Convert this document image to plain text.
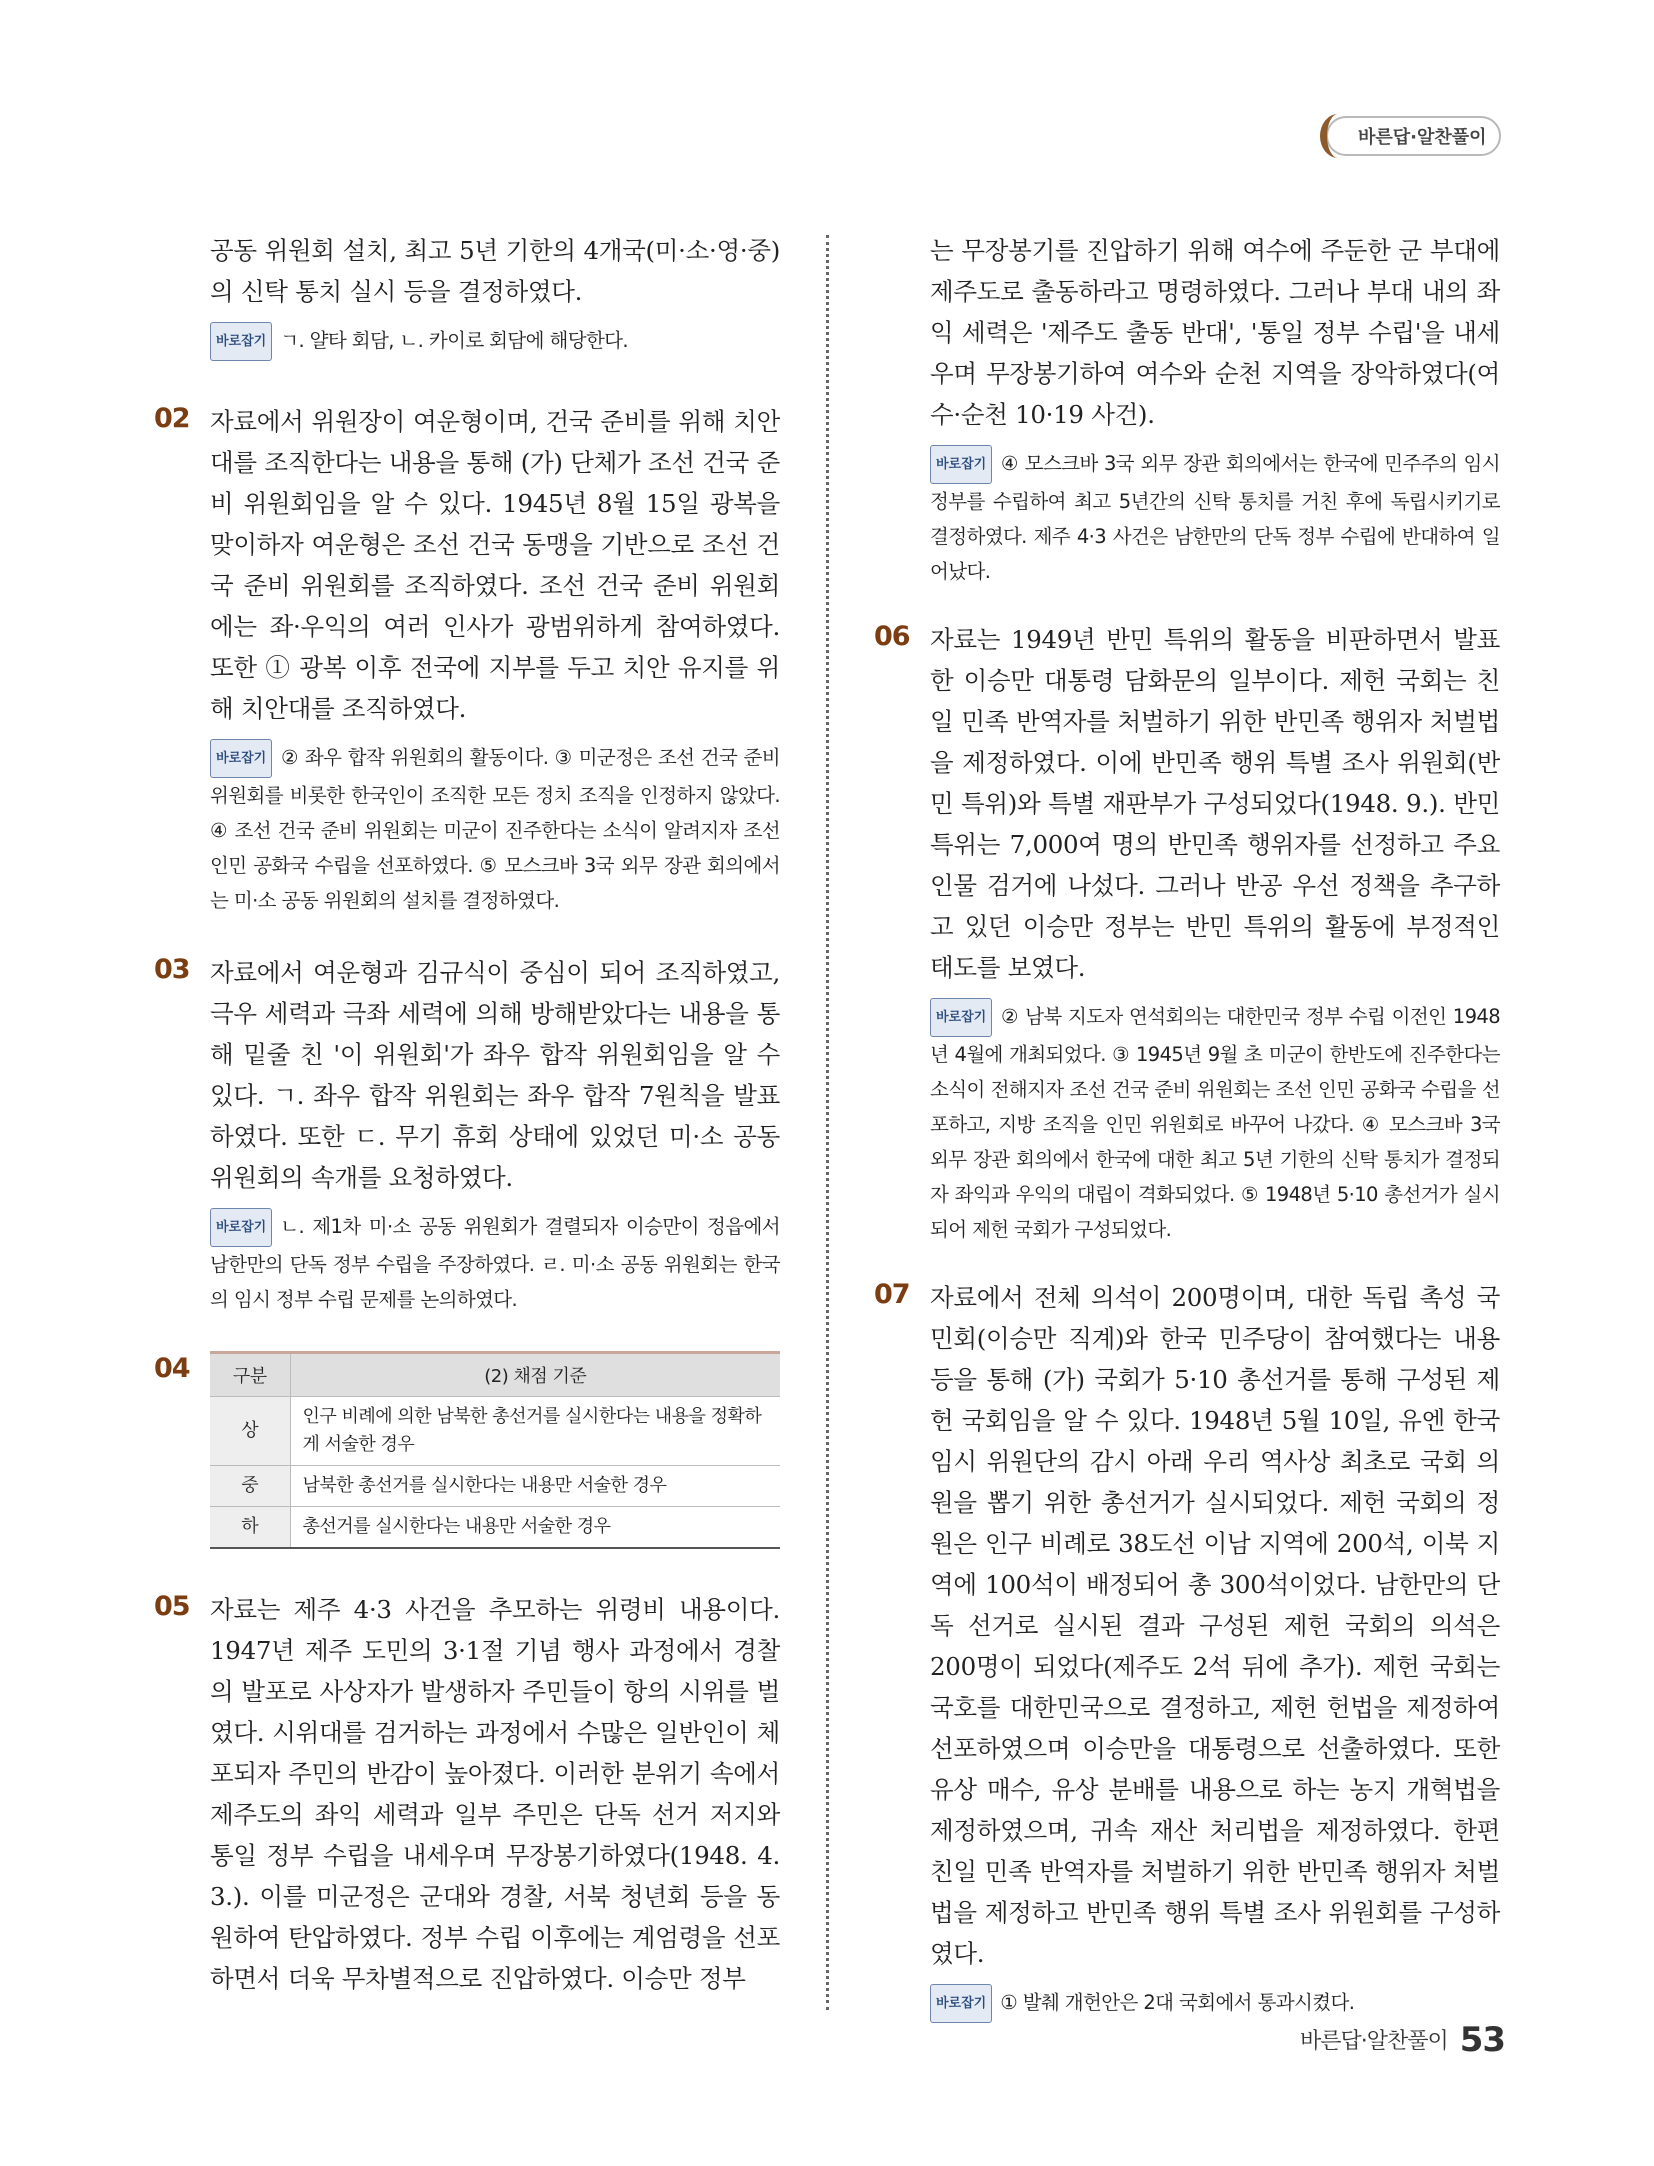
바른답·알찬풀이

공동 위원회 설치, 최고 5년 기한의 4개국(미·소·영·중)의 신탁 통치 실시 등을 결정하였다.

바로잡기 ㄱ. 얄타 회담, ㄴ. 카이로 회담에 해당한다.

02 자료에서 위원장이 여운형이며, 건국 준비를 위해 치안대를 조직한다는 내용을 통해 (가) 단체가 조선 건국 준비 위원회임을 알 수 있다. 1945년 8월 15일 광복을 맞이하자 여운형은 조선 건국 동맹을 기반으로 조선 건국 준비 위원회를 조직하였다. 조선 건국 준비 위원회에는 좌·우익의 여러 인사가 광범위하게 참여하였다. 또한 ① 광복 이후 전국에 지부를 두고 치안 유지를 위해 치안대를 조직하였다.

바로잡기 ② 좌우 합작 위원회의 활동이다. ③ 미군정은 조선 건국 준비 위원회를 비롯한 한국인이 조직한 모든 정치 조직을 인정하지 않았다. ④ 조선 건국 준비 위원회는 미군이 진주한다는 소식이 알려지자 조선 인민 공화국 수립을 선포하였다. ⑤ 모스크바 3국 외무 장관 회의에서는 미·소 공동 위원회의 설치를 결정하였다.

03 자료에서 여운형과 김규식이 중심이 되어 조직하였고, 극우 세력과 극좌 세력에 의해 방해받았다는 내용을 통해 밑줄 친 '이 위원회'가 좌우 합작 위원회임을 알 수 있다. ㄱ. 좌우 합작 위원회는 좌우 합작 7원칙을 발표하였다. 또한 ㄷ. 무기 휴회 상태에 있었던 미·소 공동 위원회의 속개를 요청하였다.

바로잡기 ㄴ. 제1차 미·소 공동 위원회가 결렬되자 이승만이 정읍에서 남한만의 단독 정부 수립을 주장하였다. ㄹ. 미·소 공동 위원회는 한국의 임시 정부 수립 문제를 논의하였다.

04 구분	(2) 채점 기준
상	인구 비례에 의한 남북한 총선거를 실시한다는 내용을 정확하게 서술한 경우
중	남북한 총선거를 실시한다는 내용만 서술한 경우
하	총선거를 실시한다는 내용만 서술한 경우
05 자료는 제주 4·3 사건을 추모하는 위령비 내용이다. 1947년 제주 도민의 3·1절 기념 행사 과정에서 경찰의 발포로 사상자가 발생하자 주민들이 항의 시위를 벌였다. 시위대를 검거하는 과정에서 수많은 일반인이 체포되자 주민의 반감이 높아졌다. 이러한 분위기 속에서 제주도의 좌익 세력과 일부 주민은 단독 선거 저지와 통일 정부 수립을 내세우며 무장봉기하였다(1948. 4. 3.). 이를 미군정은 군대와 경찰, 서북 청년회 등을 동원하여 탄압하였다. 정부 수립 이후에는 계엄령을 선포하면서 더욱 무차별적으로 진압하였다. 이승만 정부

는 무장봉기를 진압하기 위해 여수에 주둔한 군 부대에 제주도로 출동하라고 명령하였다. 그러나 부대 내의 좌익 세력은 '제주도 출동 반대', '통일 정부 수립'을 내세우며 무장봉기하여 여수와 순천 지역을 장악하였다(여수·순천 10·19 사건).

바로잡기 ④ 모스크바 3국 외무 장관 회의에서는 한국에 민주주의 임시 정부를 수립하여 최고 5년간의 신탁 통치를 거친 후에 독립시키기로 결정하였다. 제주 4·3 사건은 남한만의 단독 정부 수립에 반대하여 일어났다.

06 자료는 1949년 반민 특위의 활동을 비판하면서 발표한 이승만 대통령 담화문의 일부이다. 제헌 국회는 친일 민족 반역자를 처벌하기 위한 반민족 행위자 처벌법을 제정하였다. 이에 반민족 행위 특별 조사 위원회(반민 특위)와 특별 재판부가 구성되었다(1948. 9.). 반민 특위는 7,000여 명의 반민족 행위자를 선정하고 주요 인물 검거에 나섰다. 그러나 반공 우선 정책을 추구하고 있던 이승만 정부는 반민 특위의 활동에 부정적인 태도를 보였다.

바로잡기 ② 남북 지도자 연석회의는 대한민국 정부 수립 이전인 1948년 4월에 개최되었다. ③ 1945년 9월 초 미군이 한반도에 진주한다는 소식이 전해지자 조선 건국 준비 위원회는 조선 인민 공화국 수립을 선포하고, 지방 조직을 인민 위원회로 바꾸어 나갔다. ④ 모스크바 3국 외무 장관 회의에서 한국에 대한 최고 5년 기한의 신탁 통치가 결정되자 좌익과 우익의 대립이 격화되었다. ⑤ 1948년 5·10 총선거가 실시되어 제헌 국회가 구성되었다.

07 자료에서 전체 의석이 200명이며, 대한 독립 촉성 국민회(이승만 직계)와 한국 민주당이 참여했다는 내용 등을 통해 (가) 국회가 5·10 총선거를 통해 구성된 제헌 국회임을 알 수 있다. 1948년 5월 10일, 유엔 한국 임시 위원단의 감시 아래 우리 역사상 최초로 국회 의원을 뽑기 위한 총선거가 실시되었다. 제헌 국회의 정원은 인구 비례로 38도선 이남 지역에 200석, 이북 지역에 100석이 배정되어 총 300석이었다. 남한만의 단독 선거로 실시된 결과 구성된 제헌 국회의 의석은 200명이 되었다(제주도 2석 뒤에 추가). 제헌 국회는 국호를 대한민국으로 결정하고, 제헌 헌법을 제정하여 선포하였으며 이승만을 대통령으로 선출하였다. 또한 유상 매수, 유상 분배를 내용으로 하는 농지 개혁법을 제정하였으며, 귀속 재산 처리법을 제정하였다. 한편 친일 민족 반역자를 처벌하기 위한 반민족 행위자 처벌법을 제정하고 반민족 행위 특별 조사 위원회를 구성하였다.

바로잡기 ① 발췌 개헌안은 2대 국회에서 통과시켰다.

바른답·알찬풀이 53
